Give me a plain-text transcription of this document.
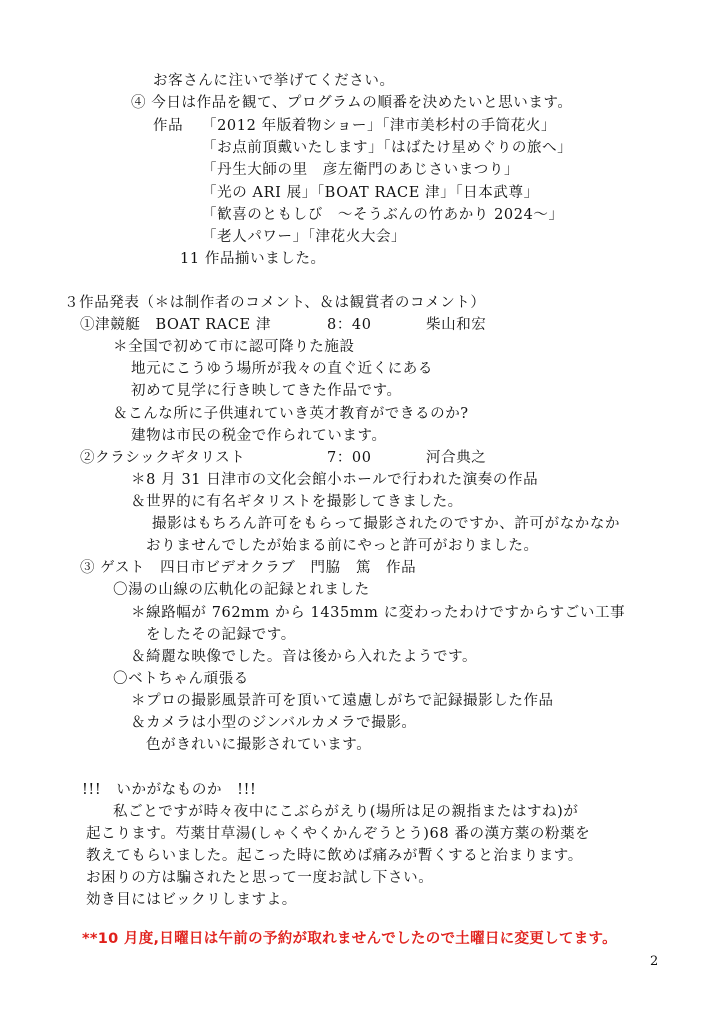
お客さんに注いで挙げてください。
④ 今日は作品を観て、プログラムの順番を決めたいと思います。
作品 「2012 年版着物ショー」「津市美杉村の手筒花火」
「お点前頂戴いたします」「はばたけ星めぐりの旅へ」
「丹生大師の里　彦左衛門のあじさいまつり」
「光の ARI 展」「BOAT RACE 津」「日本武尊」
「歓喜のともしび　～そうぶんの竹あかり 2024～」
「老人パワー」「津花火大会」
11 作品揃いました。
３作品発表（＊は制作者のコメント、＆は観賞者のコメント）
①津競艇　BOAT RACE 津	8：40	柴山和宏
＊全国で初めて市に認可降りた施設
地元にこうゆう場所が我々の直ぐ近くにある
初めて見学に行き映してきた作品です。
＆こんな所に子供連れていき英才教育ができるのか?
建物は市民の税金で作られています。
②クラシックギタリスト	7：00	河合典之
＊8 月 31 日津市の文化会館小ホールで行われた演奏の作品
＆世界的に有名ギタリストを撮影してきました。
撮影はもちろん許可をもらって撮影されたのですか、許可がなかなか
おりませんでしたが始まる前にやっと許可がおりました。
③ ゲスト　四日市ビデオクラブ　門脇　篤　作品
〇湯の山線の広軌化の記録とれました
＊線路幅が 762mm から 1435mm に変わったわけですからすごい工事
をしたその記録です。
＆綺麗な映像でした。音は後から入れたようです。
〇ベトちゃん頑張る
＊プロの撮影風景許可を頂いて遠慮しがちで記録撮影した作品
＆カメラは小型のジンバルカメラで撮影。
色がきれいに撮影されています。
!!!　いかがなものか　!!!
私ごとですが時々夜中にこぶらがえり(場所は足の親指またはすね)が
起こります。芍薬甘草湯(しゃくやくかんぞうとう)68 番の漢方薬の粉薬を
教えてもらいました。起こった時に飲めば痛みが暫くすると治まります。
お困りの方は騙されたと思って一度お試し下さい。
効き目にはビックリしますよ。
**10 月度,日曜日は午前の予約が取れませんでしたので土曜日に変更してます。
2
